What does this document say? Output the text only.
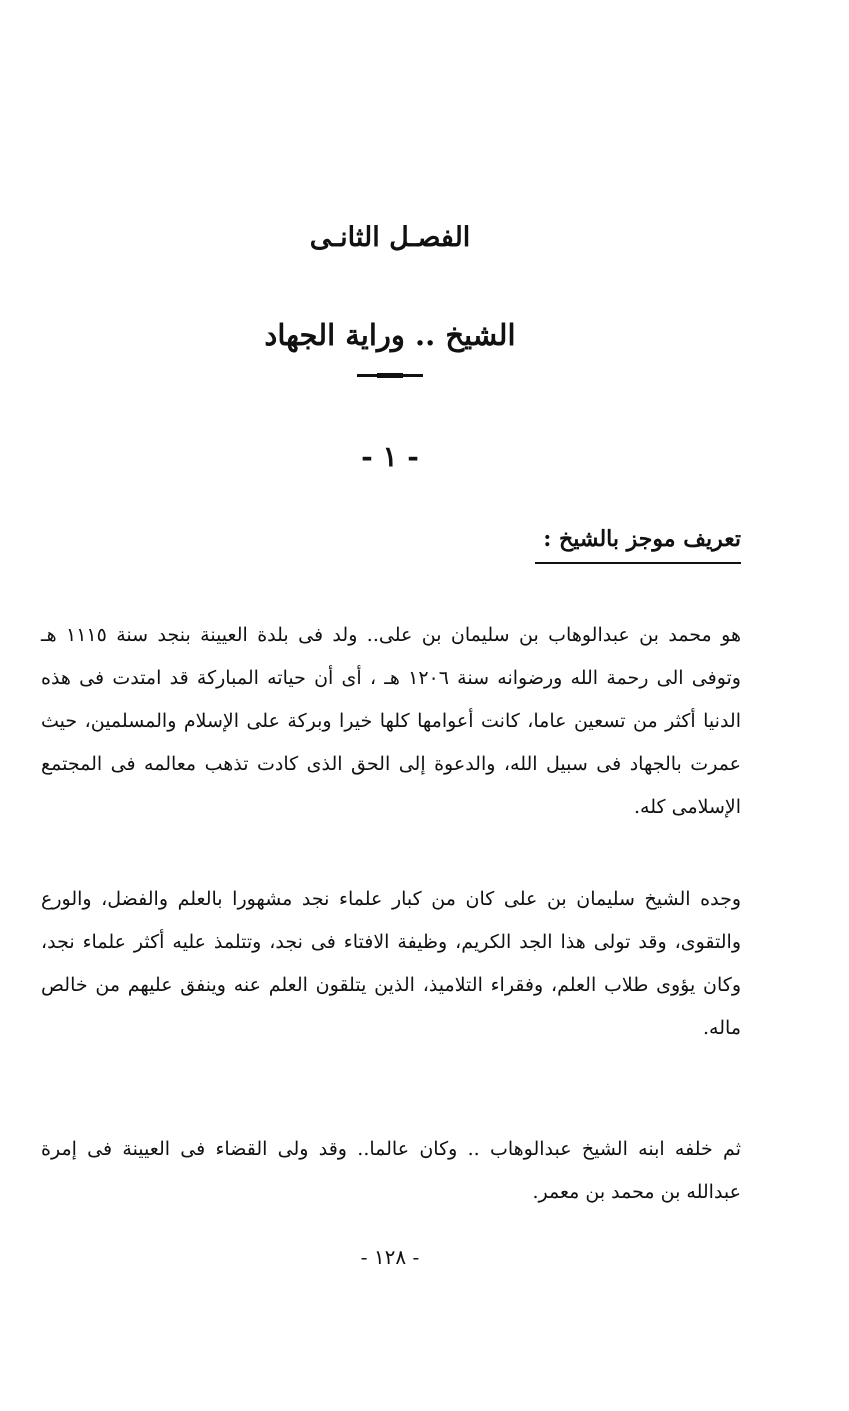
الفصـل الثانـى
الشيخ .. وراية الجهاد
- ١ -
تعريف موجز بالشيخ :

هو محمد بن عبدالوهاب بن سليمان بن على.. ولد فى بلدة العيينة بنجد سنة ١١١٥ هـ وتوفى الى رحمة الله ورضوانه سنة ١٢٠٦ هـ ، أى أن حياته المباركة قد امتدت فى هذه الدنيا أكثر من تسعين عاما، كانت أعوامها كلها خيرا وبركة على الإسلام والمسلمين، حيث عمرت بالجهاد فى سبيل الله، والدعوة إلى الحق الذى كادت تذهب معالمه فى المجتمع الإسلامى كله.

وجده الشيخ سليمان بن على كان من كبار علماء نجد مشهورا بالعلم والفضل، والورع والتقوى، وقد تولى هذا الجد الكريم، وظيفة الافتاء فى نجد، وتتلمذ عليه أكثر علماء نجد، وكان يؤوى طلاب العلم، وفقراء التلاميذ، الذين يتلقون العلم عنه وينفق عليهم من خالص ماله.

ثم خلفه ابنه الشيخ عبدالوهاب .. وكان عالما.. وقد ولى القضاء فى العيينة فى إمرة عبدالله بن محمد بن معمر.

- ١٢٨ -
